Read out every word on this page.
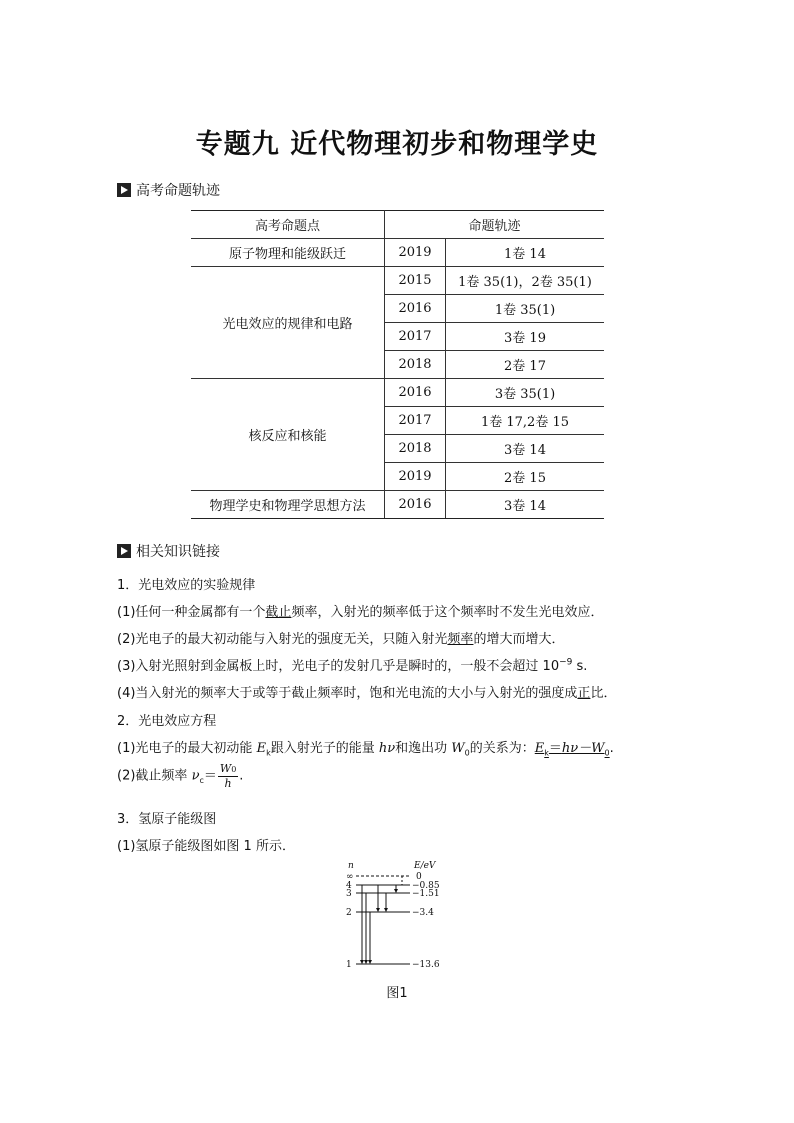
专题九 近代物理初步和物理学史
高考命题轨迹
高考命题点	命题轨迹	
原子物理和能级跃迁	2019	1卷 14
光电效应的规律和电路	2015	1卷 35(1)，2卷 35(1)
	2016	1卷 35(1)
	2017	3卷 19
	2018	2卷 17
核反应和核能	2016	3卷 35(1)
	2017	1卷 17,2卷 15
	2018	3卷 14
	2019	2卷 15
物理学史和物理学思想方法	2016	3卷 14
相关知识链接
1．光电效应的实验规律
(1)任何一种金属都有一个截止频率，入射光的频率低于这个频率时不发生光电效应．
(2)光电子的最大初动能与入射光的强度无关，只随入射光频率的增大而增大．
(3)入射光照射到金属板上时，光电子的发射几乎是瞬时的，一般不会超过 $10^{-9}$ s.
(4)当入射光的频率大于或等于截止频率时，饱和光电流的大小与入射光的强度成正比．
2．光电效应方程
(1)光电子的最大初动能 $E_k$跟入射光子的能量 hν和逸出功 $W_0$的关系为：$E_k=h\nu-W_0$.
(2)截止频率 $\nu_c= \frac{W0}{h}$ .
3．氢原子能级图
(1)氢原子能级图如图 1 所示．
n	E/eV
∞
4
3
2
1
0
−0.85
−1.51
−3.4
−13.6
图1
